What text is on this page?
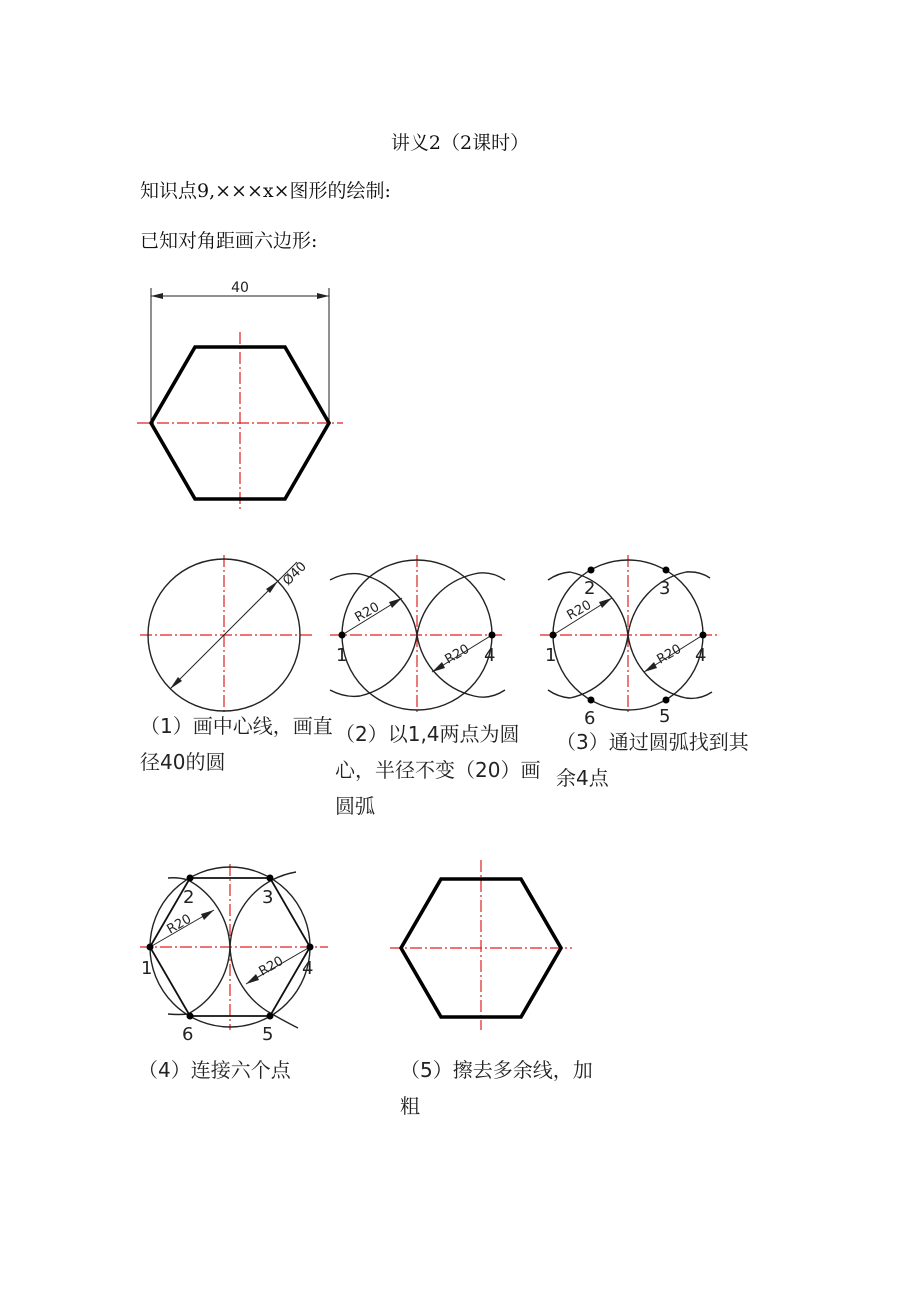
讲义2（2课时）
知识点9,×××x×图形的绘制:
已知对角距画六边形:
40
Ø40
（1）画中心线，画直
径40的圆
R20
R20
1	4
（2）以1,4两点为圆
心，半径不变（20）画
圆弧
R20
R20
1
2	3
4
5
6
（3）通过圆弧找到其
余4点
R20
R20
1
2	3
4
5
6
（4）连接六个点	（5）擦去多余线，加
粗
